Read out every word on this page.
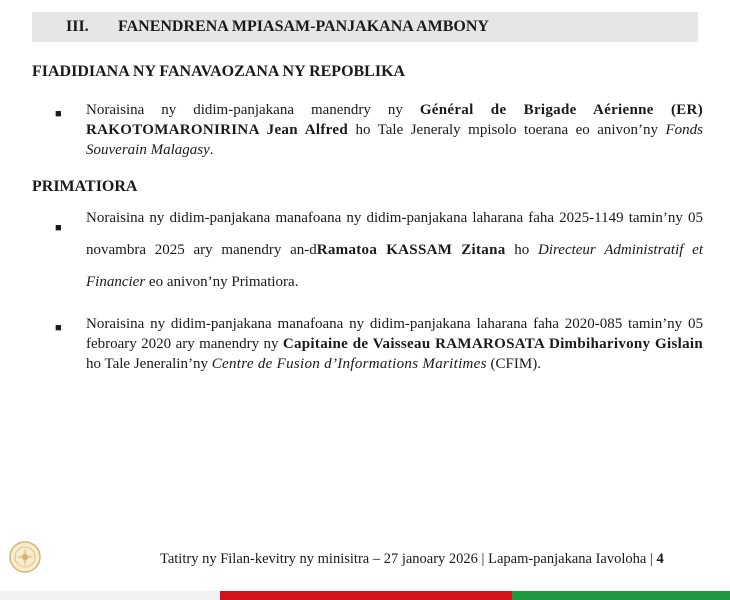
III.	FANENDRENA MPIASAM-PANJAKANA AMBONY
FIADIDIANA NY FANAVAOZANA NY REPOBLIKA
■ Noraisina ny didim-panjakana manendry ny Général de Brigade Aérienne (ER) RAKOTOMARONIRINA Jean Alfred ho Tale Jeneraly mpisolo toerana eo anivon’ny Fonds Souverain Malagasy.
PRIMATIORA
■
Noraisina ny didim-panjakana manafoana ny didim-panjakana laharana faha 2025-1149 tamin’ny 05 novambra 2025 ary manendry an-dRamatoa KASSAM Zitana ho Directeur Administratif et Financier eo anivon’ny Primatiora.
■ Noraisina ny didim-panjakana manafoana ny didim-panjakana laharana faha 2020-085 tamin’ny 05 febroary 2020 ary manendry ny Capitaine de Vaisseau RAMAROSATA Dimbiharivony Gislain ho Tale Jeneralin’ny Centre de Fusion d’Informations Maritimes (CFIM).
Tatitry ny Filan-kevitry ny minisitra – 27 janoary 2026 | Lapam-panjakana Iavoloha | 4
